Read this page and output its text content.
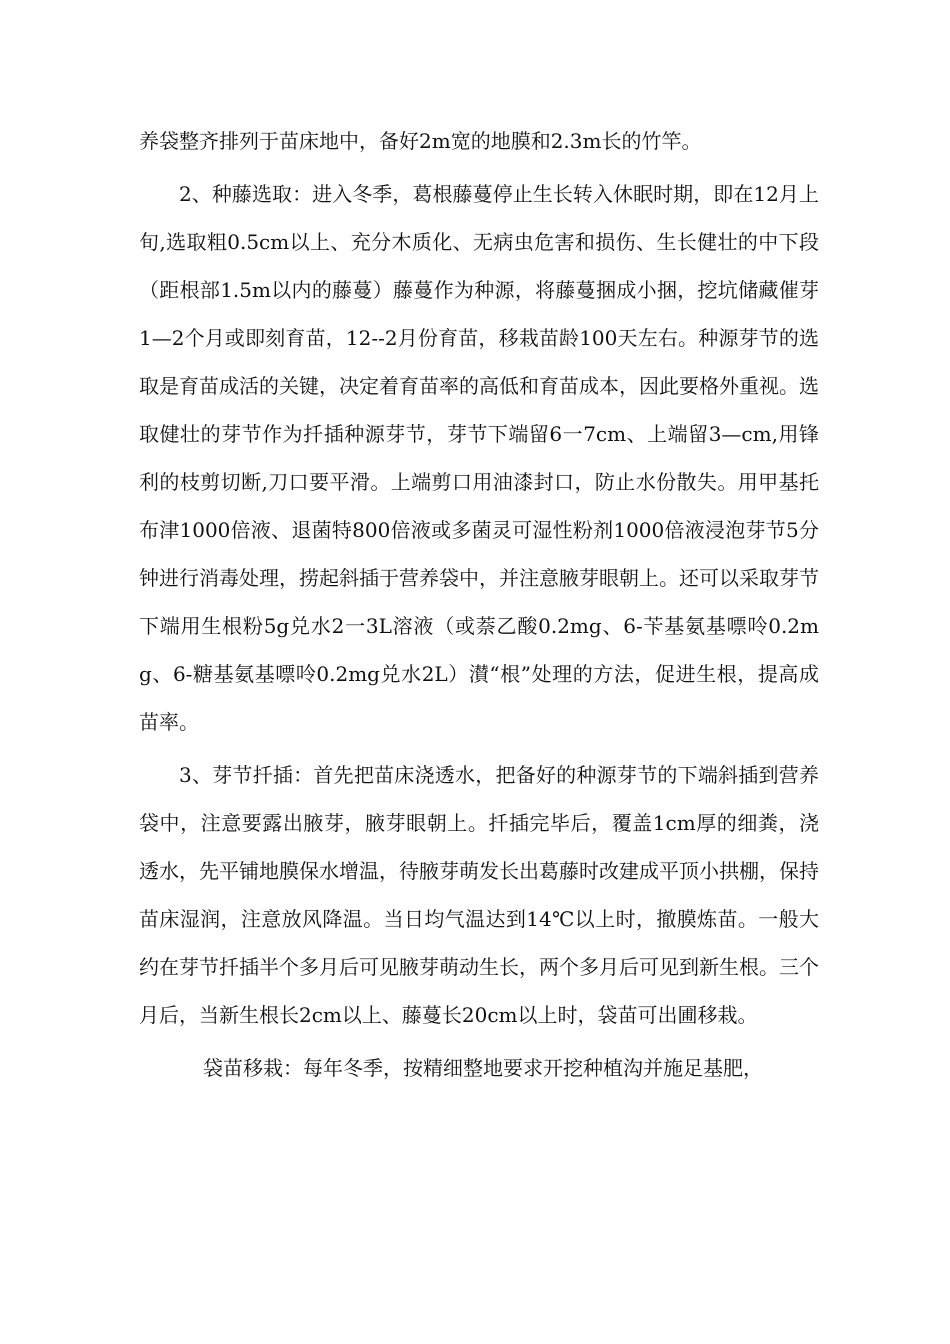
养袋整齐排列于苗床地中，备好2m宽的地膜和2.3m长的竹竿。

2、种藤选取：进入冬季，葛根藤蔓停止生长转入休眠时期，即在12月上旬,选取粗0.5cm以上、充分木质化、无病虫危害和损伤、生长健壮的中下段（距根部1.5m以内的藤蔓）藤蔓作为种源，将藤蔓捆成小捆，挖坑储藏催芽1—2个月或即刻育苗，12--2月份育苗，移栽苗龄100天左右。种源芽节的选取是育苗成活的关键，决定着育苗率的高低和育苗成本，因此要格外重视。选取健壮的芽节作为扦插种源芽节，芽节下端留6一7cm、上端留3—cm,用锋利的枝剪切断,刀口要平滑。上端剪口用油漆封口，防止水份散失。用甲基托布津1000倍液、退菌特800倍液或多菌灵可湿性粉剂1000倍液浸泡芽节5分钟进行消毒处理，捞起斜插于营养袋中，并注意腋芽眼朝上。还可以采取芽节下端用生根粉5g兑水2一3L溶液（或萘乙酸0.2mg、6-苄基氨基嘌呤0.2mg、6-糖基氨基嘌呤0.2mg兑水2L）濽“根”处理的方法，促进生根，提高成苗率。

3、芽节扦插：首先把苗床浇透水，把备好的种源芽节的下端斜插到营养袋中，注意要露出腋芽，腋芽眼朝上。扦插完毕后，覆盖1cm厚的细粪，浇透水，先平铺地膜保水增温，待腋芽萌发长出葛藤时改建成平顶小拱棚，保持苗床湿润，注意放风降温。当日均气温达到14℃以上时，撤膜炼苗。一般大约在芽节扦插半个多月后可见腋芽萌动生长，两个多月后可见到新生根。三个月后，当新生根长2cm以上、藤蔓长20cm以上时，袋苗可出圃移栽。

袋苗移栽：每年冬季，按精细整地要求开挖种植沟并施足基肥，
